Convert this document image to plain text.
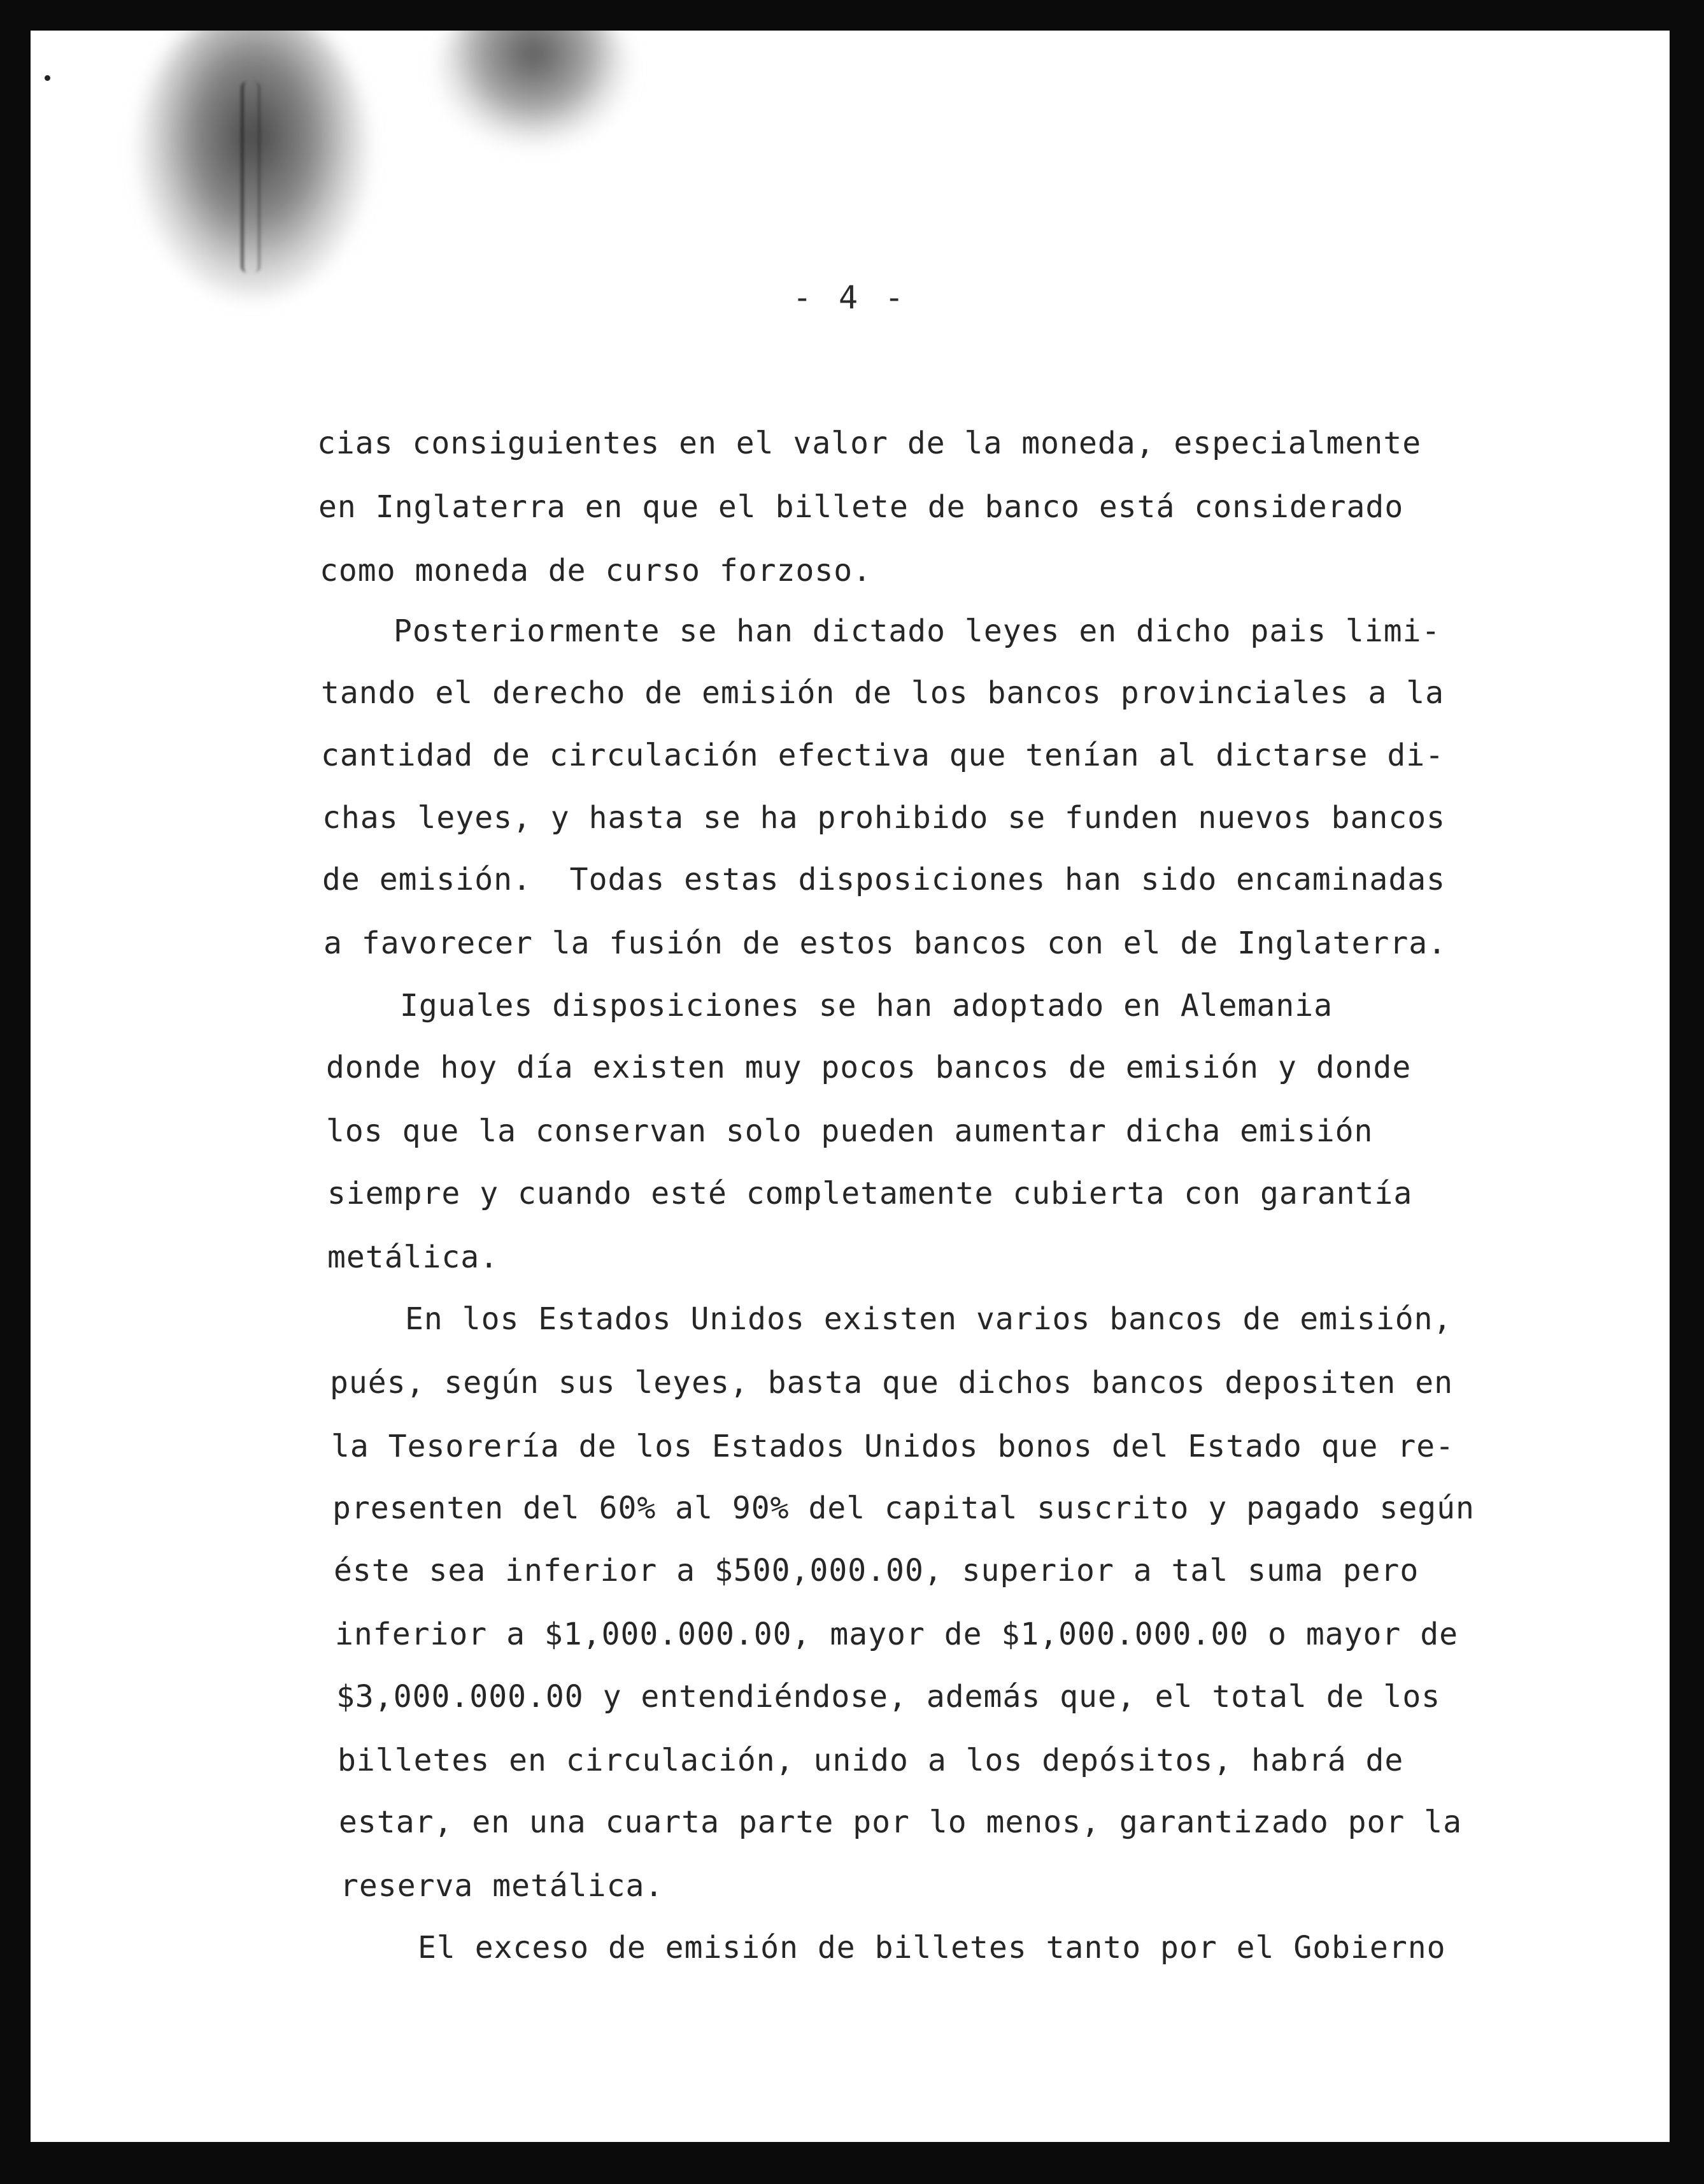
- 4 -
cias consiguientes en el valor de la moneda, especialmente
en Inglaterra en que el billete de banco está considerado
como moneda de curso forzoso.
Posteriormente se han dictado leyes en dicho pais limi-
tando el derecho de emisión de los bancos provinciales a la
cantidad de circulación efectiva que tenían al dictarse di-
chas leyes, y hasta se ha prohibido se funden nuevos bancos
de emisión.  Todas estas disposiciones han sido encaminadas
a favorecer la fusión de estos bancos con el de Inglaterra.
Iguales disposiciones se han adoptado en Alemania
donde hoy día existen muy pocos bancos de emisión y donde
los que la conservan solo pueden aumentar dicha emisión
siempre y cuando esté completamente cubierta con garantía
metálica.
En los Estados Unidos existen varios bancos de emisión,
pués, según sus leyes, basta que dichos bancos depositen en
la Tesorería de los Estados Unidos bonos del Estado que re-
presenten del 60% al 90% del capital suscrito y pagado según
éste sea inferior a $500,000.00, superior a tal suma pero
inferior a $1,000.000.00, mayor de $1,000.000.00 o mayor de
$3,000.000.00 y entendiéndose, además que, el total de los
billetes en circulación, unido a los depósitos, habrá de
estar, en una cuarta parte por lo menos, garantizado por la
reserva metálica.
El exceso de emisión de billetes tanto por el Gobierno
